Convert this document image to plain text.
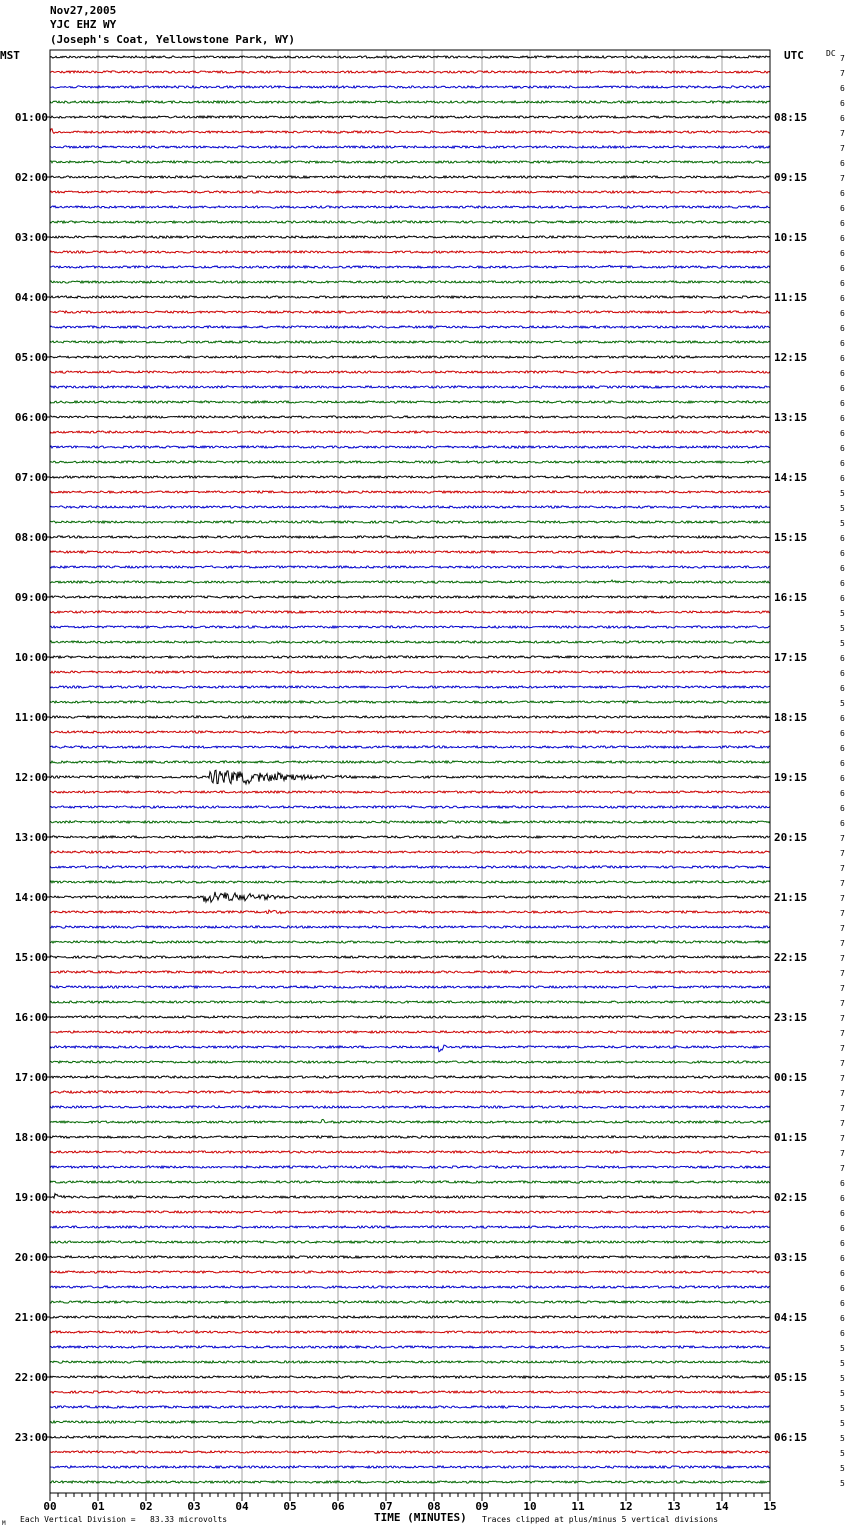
00	01	02	03	04	05	06	07	08	09	10	11	12	13	14	15
01:00
02:00
03:00
04:00
05:00
06:00
07:00
08:00
09:00
10:00
11:00
12:00
13:00
14:00
15:00
16:00
17:00
18:00
19:00
20:00
21:00
22:00
23:00
08:15
09:15
10:15
11:15
12:15
13:15
14:15
15:15
16:15
17:15
18:15
19:15
20:15
21:15
22:15
23:15
00:15
01:15
02:15
03:15
04:15
05:15
06:15
7
7
6
6
6
7
7
6
7
6
6
6
6
6
6
6
6
6
6
6
6
6
6
6
6
6
6
6
6
5
5
5
6
6
6
6
6
5
5
5
6
6
6
5
6
6
6
6
6
6
6
6
7
7
7
7
7
7
7
7
7
7
7
7
7
7
7
7
7
7
7
7
7
7
7
6
6
6
6
6
6
6
6
6
6
6
5
5
5
5
5
5
5
5
5
5
Nov27,2005
YJC EHZ WY
(Joseph's Coat, Yellowstone Park, WY)
MST	UTC	DC
TIME (MINUTES)
Each Vertical Division =   83.33 microvolts	Traces clipped at plus/minus 5 vertical divisions
M
